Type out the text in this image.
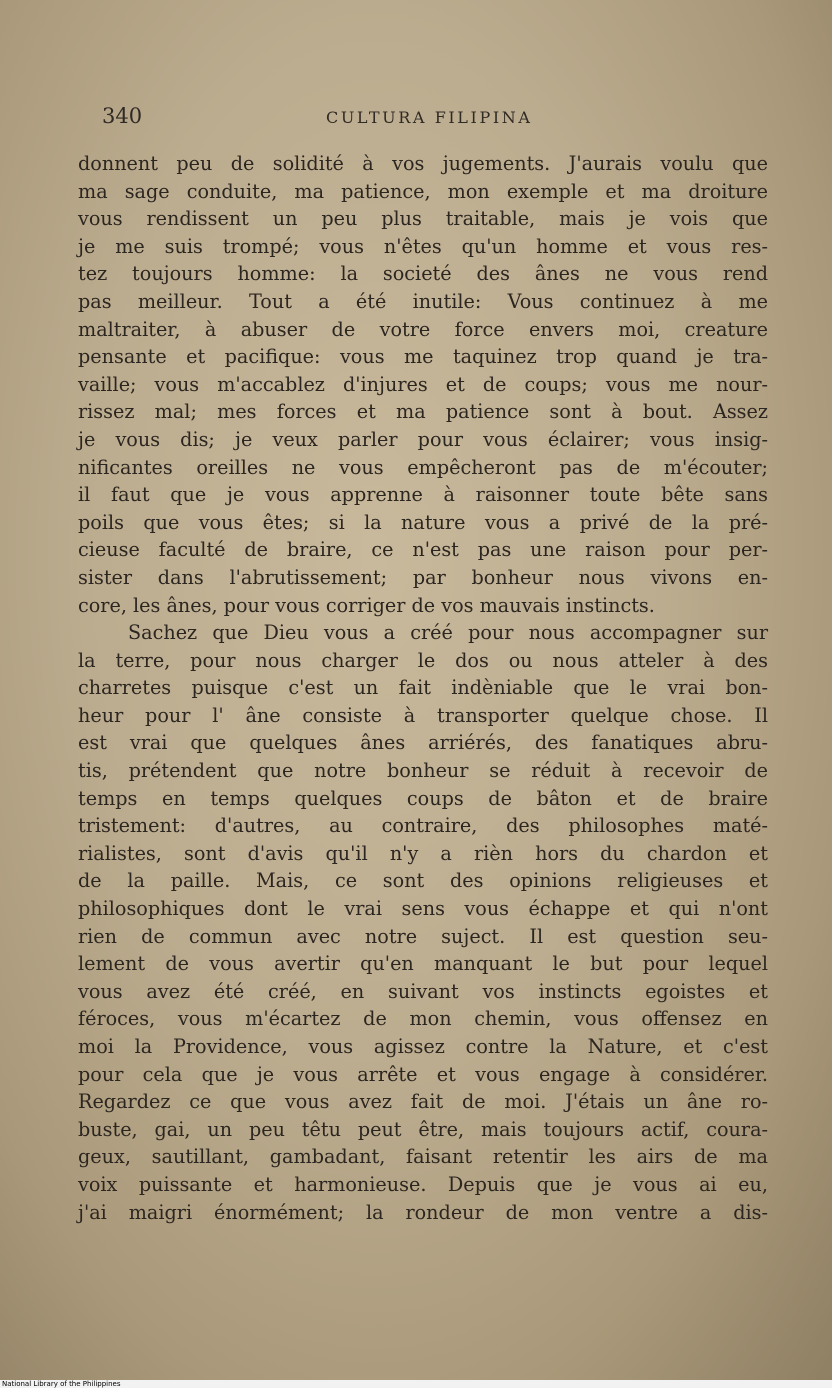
340	CULTURA FILIPINA
donnent peu de solidité à vos jugements. J'aurais voulu que
ma sage conduite, ma patience, mon exemple et ma droiture
vous rendissent un peu plus traitable, mais je vois que
je me suis trompé; vous n'êtes qu'un homme et vous res-
tez toujours homme: la societé des ânes ne vous rend
pas meilleur. Tout a été inutile: Vous continuez à me
maltraiter, à abuser de votre force envers moi, creature
pensante et pacifique: vous me taquinez trop quand je tra-
vaille; vous m'accablez d'injures et de coups; vous me nour-
rissez mal; mes forces et ma patience sont à bout. Assez
je vous dis; je veux parler pour vous éclairer; vous insig-
nificantes oreilles ne vous empêcheront pas de m'écouter;
il faut que je vous apprenne à raisonner toute bête sans
poils que vous êtes; si la nature vous a privé de la pré-
cieuse faculté de braire, ce n'est pas une raison pour per-
sister dans l'abrutissement; par bonheur nous vivons en-
core, les ânes, pour vous corriger de vos mauvais instincts.
Sachez que Dieu vous a créé pour nous accompagner sur
la terre, pour nous charger le dos ou nous atteler à des
charretes puisque c'est un fait indèniable que le vrai bon-
heur pour l' âne consiste à transporter quelque chose. Il
est vrai que quelques ânes arriérés, des fanatiques abru-
tis, prétendent que notre bonheur se réduit à recevoir de
temps en temps quelques coups de bâton et de braire
tristement: d'autres, au contraire, des philosophes maté-
rialistes, sont d'avis qu'il n'y a rièn hors du chardon et
de la paille. Mais, ce sont des opinions religieuses et
philosophiques dont le vrai sens vous échappe et qui n'ont
rien de commun avec notre suject. Il est question seu-
lement de vous avertir qu'en manquant le but pour lequel
vous avez été créé, en suivant vos instincts egoistes et
féroces, vous m'écartez de mon chemin, vous offensez en
moi la Providence, vous agissez contre la Nature, et c'est
pour cela que je vous arrête et vous engage à considérer.
Regardez ce que vous avez fait de moi. J'étais un âne ro-
buste, gai, un peu têtu peut être, mais toujours actif, coura-
geux, sautillant, gambadant, faisant retentir les airs de ma
voix puissante et harmonieuse. Depuis que je vous ai eu,
j'ai maigri énormément; la rondeur de mon ventre a dis-
National Library of the Philippines
